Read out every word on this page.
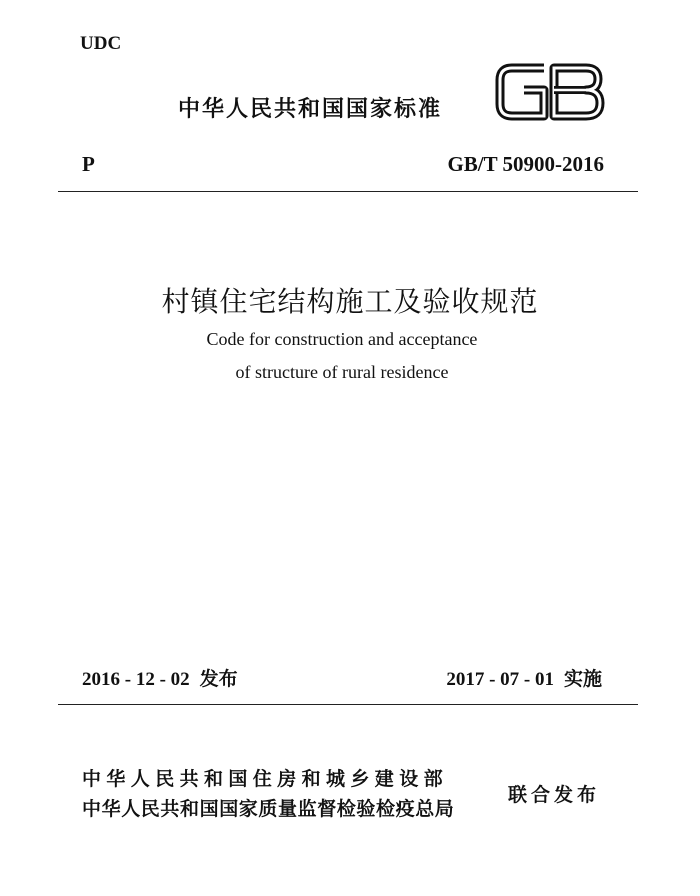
UDC
中华人民共和国国家标准
P	GB/T 50900-2016
村镇住宅结构施工及验收规范
Code for construction and acceptance
of structure of rural residence
2016 - 12 - 02 发布	2017 - 07 - 01 实施
中华人民共和国住房和城乡建设部
中华人民共和国国家质量监督检验检疫总局
联合发布
